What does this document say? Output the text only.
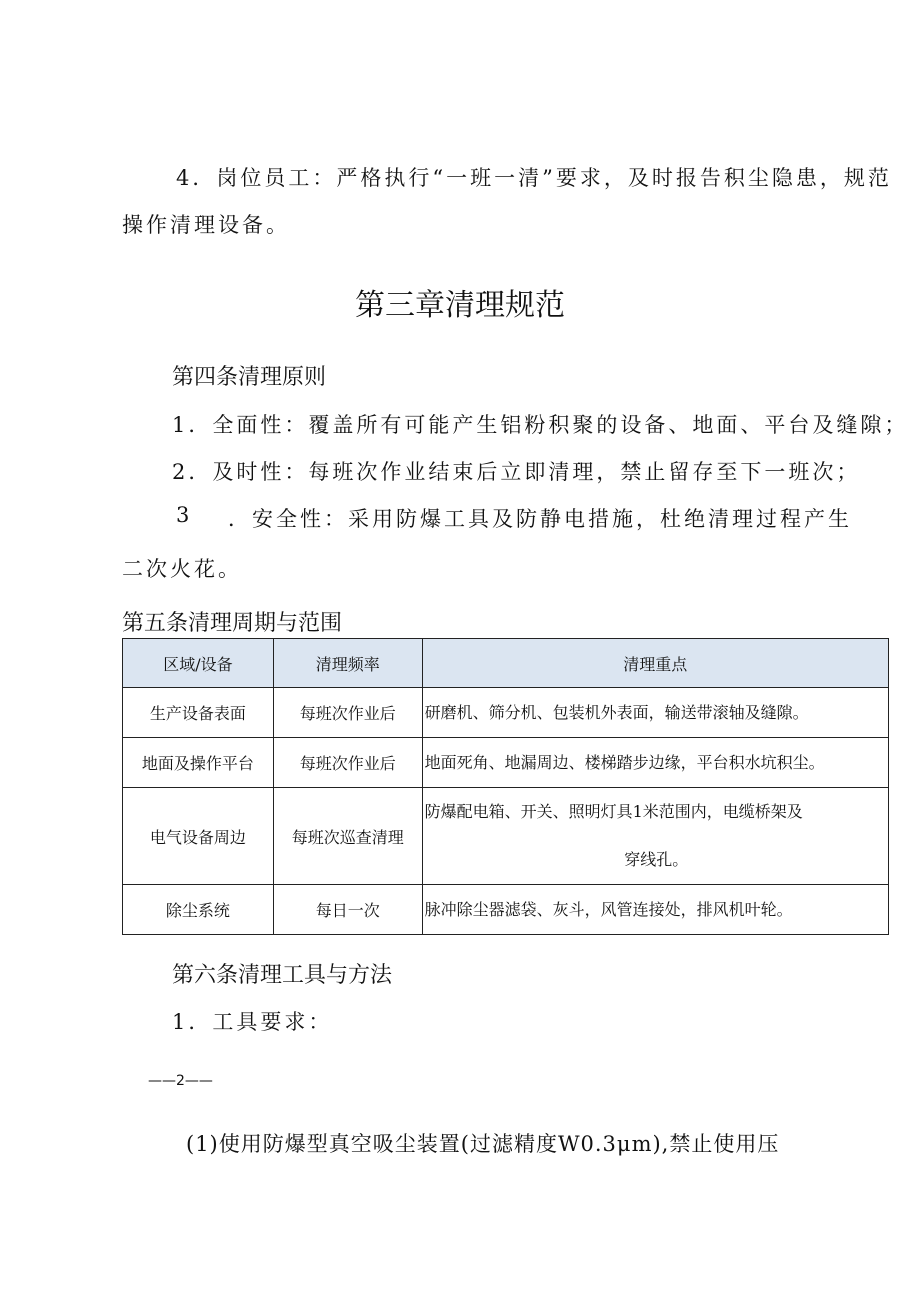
4．岗位员工：严格执行“一班一清”要求，及时报告积尘隐患，规范
操作清理设备。
第三章清理规范
第四条清理原则
1．全面性：覆盖所有可能产生铝粉积聚的设备、地面、平台及缝隙；
2．及时性：每班次作业结束后立即清理，禁止留存至下一班次；
3 ．安全性：采用防爆工具及防静电措施，杜绝清理过程产生
二次火花。
第五条清理周期与范围
区域/设备	清理频率	清理重点
生产设备表面	每班次作业后	研磨机、筛分机、包装机外表面，输送带滚轴及缝隙。
地面及操作平台	每班次作业后	地面死角、地漏周边、楼梯踏步边缘，平台积水坑积尘。
电气设备周边	每班次巡查清理	防爆配电箱、开关、照明灯具1米范围内，电缆桥架及
穿线孔。

除尘系统	每日一次	脉冲除尘器滤袋、灰斗，风管连接处，排风机叶轮。
第六条清理工具与方法
1．工具要求：
——2——
(1)使用防爆型真空吸尘装置(过滤精度W0.3μm),禁止使用压
